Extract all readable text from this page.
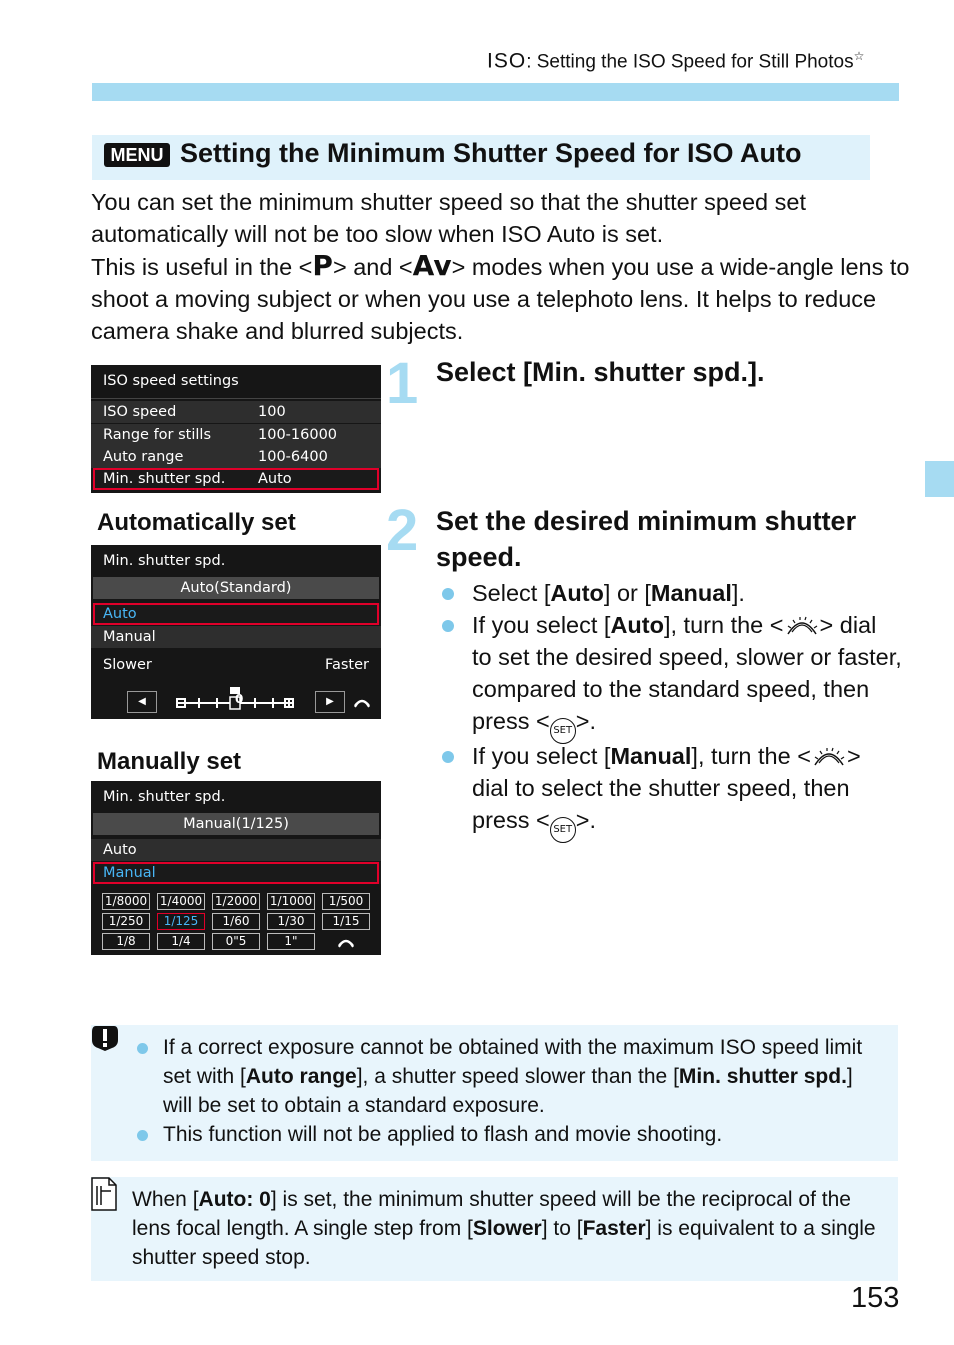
ISO: Setting the ISO Speed for Still Photos☆
MENU Setting the Minimum Shutter Speed for ISO Auto

You can set the minimum shutter speed so that the shutter speed set automatically will not be too slow when ISO Auto is set.

This is useful in the <P> and <Av> modes when you use a wide-angle lens to shoot a moving subject or when you use a telephoto lens. It helps to reduce camera shake and blurred subjects.

ISO speed settings
ISO speed	100
Range for stills	100-16000
Auto range	100-6400
Min. shutter spd. Auto
1 Select [Min. shutter spd.].
Automatically set
Min. shutter spd.
Auto(Standard)
Auto
Manual
Slower	Faster
◀	▶
0
2 Set the desired minimum shutter speed.
Select [Auto] or [Manual].
If you select [Auto], turn the < > dial to set the desired speed, slower or faster, compared to the standard speed, then press < SET >.
If you select [Manual], turn the < > dial to select the shutter speed, then press < SET >.
Manually set
Min. shutter spd.
Manual(1/125)
Auto
Manual
1/8000 1/4000 1/2000 1/1000	1/500
1/250	1/125	1/60	1/30	1/15
1/8	1/4	0"5	1"
If a correct exposure cannot be obtained with the maximum ISO speed limit set with [Auto range], a shutter speed slower than the [Min. shutter spd.] will be set to obtain a standard exposure.
This function will not be applied to flash and movie shooting.
When [Auto: 0] is set, the minimum shutter speed will be the reciprocal of the lens focal length. A single step from [Slower] to [Faster] is equivalent to a single shutter speed stop.
153
